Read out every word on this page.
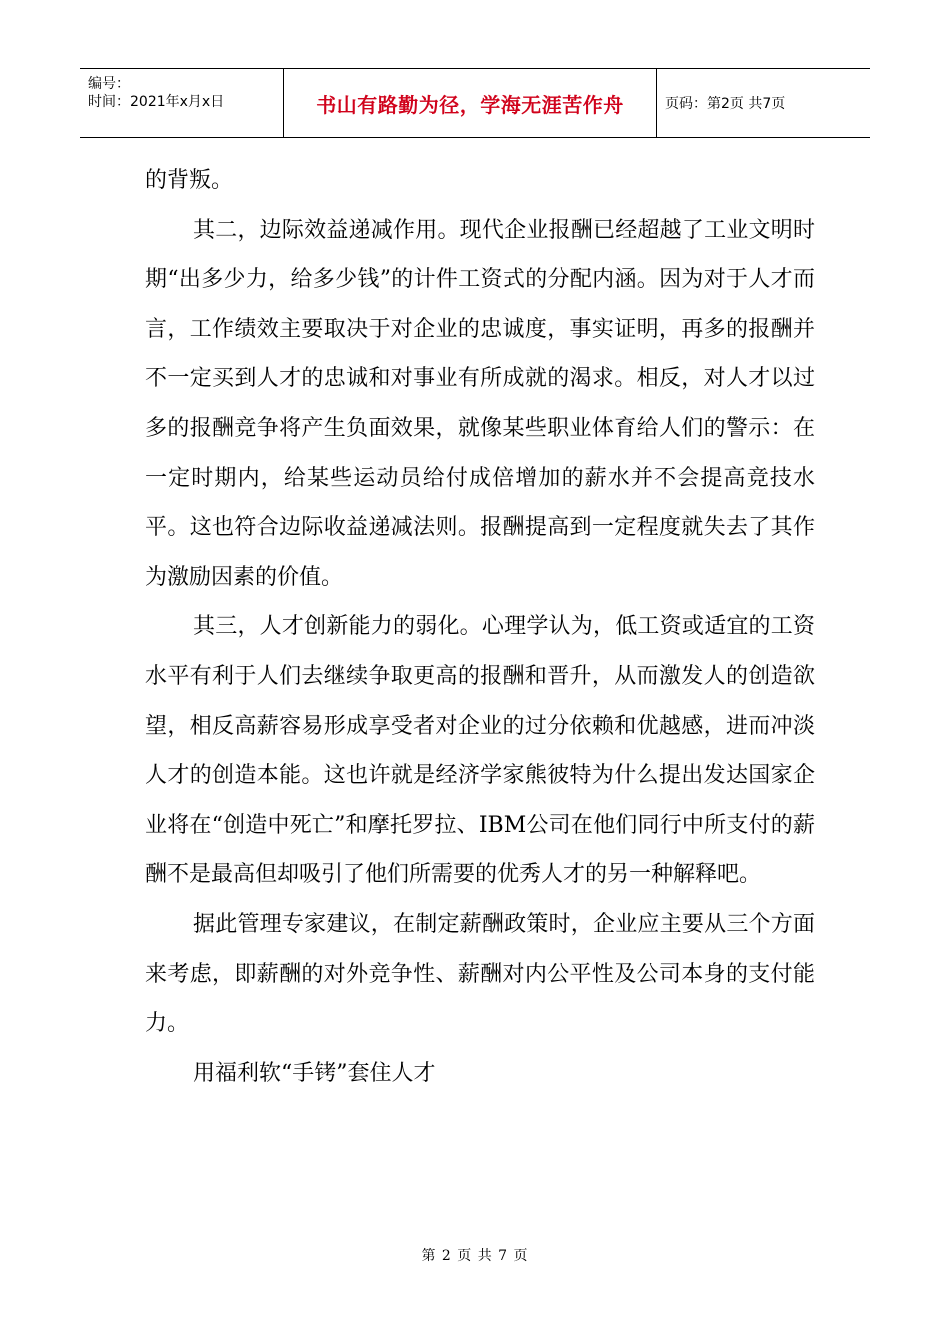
编号：
时间：2021年x月x日	书山有路勤为径，学海无涯苦作舟	页码：第2页 共7页

的背叛。

其二，边际效益递减作用。现代企业报酬已经超越了工业文明时期“出多少力，给多少钱”的计件工资式的分配内涵。因为对于人才而言，工作绩效主要取决于对企业的忠诚度，事实证明，再多的报酬并不一定买到人才的忠诚和对事业有所成就的渴求。相反，对人才以过多的报酬竞争将产生负面效果，就像某些职业体育给人们的警示：在一定时期内，给某些运动员给付成倍增加的薪水并不会提高竞技水平。这也符合边际收益递减法则。报酬提高到一定程度就失去了其作为激励因素的价值。

其三，人才创新能力的弱化。心理学认为，低工资或适宜的工资水平有利于人们去继续争取更高的报酬和晋升，从而激发人的创造欲望，相反高薪容易形成享受者对企业的过分依赖和优越感，进而冲淡人才的创造本能。这也许就是经济学家熊彼特为什么提出发达国家企业将在“创造中死亡”和摩托罗拉、IBM公司在他们同行中所支付的薪酬不是最高但却吸引了他们所需要的优秀人才的另一种解释吧。

据此管理专家建议，在制定薪酬政策时，企业应主要从三个方面来考虑，即薪酬的对外竞争性、薪酬对内公平性及公司本身的支付能力。

用福利软“手铐”套住人才

第 2 页 共 7 页
